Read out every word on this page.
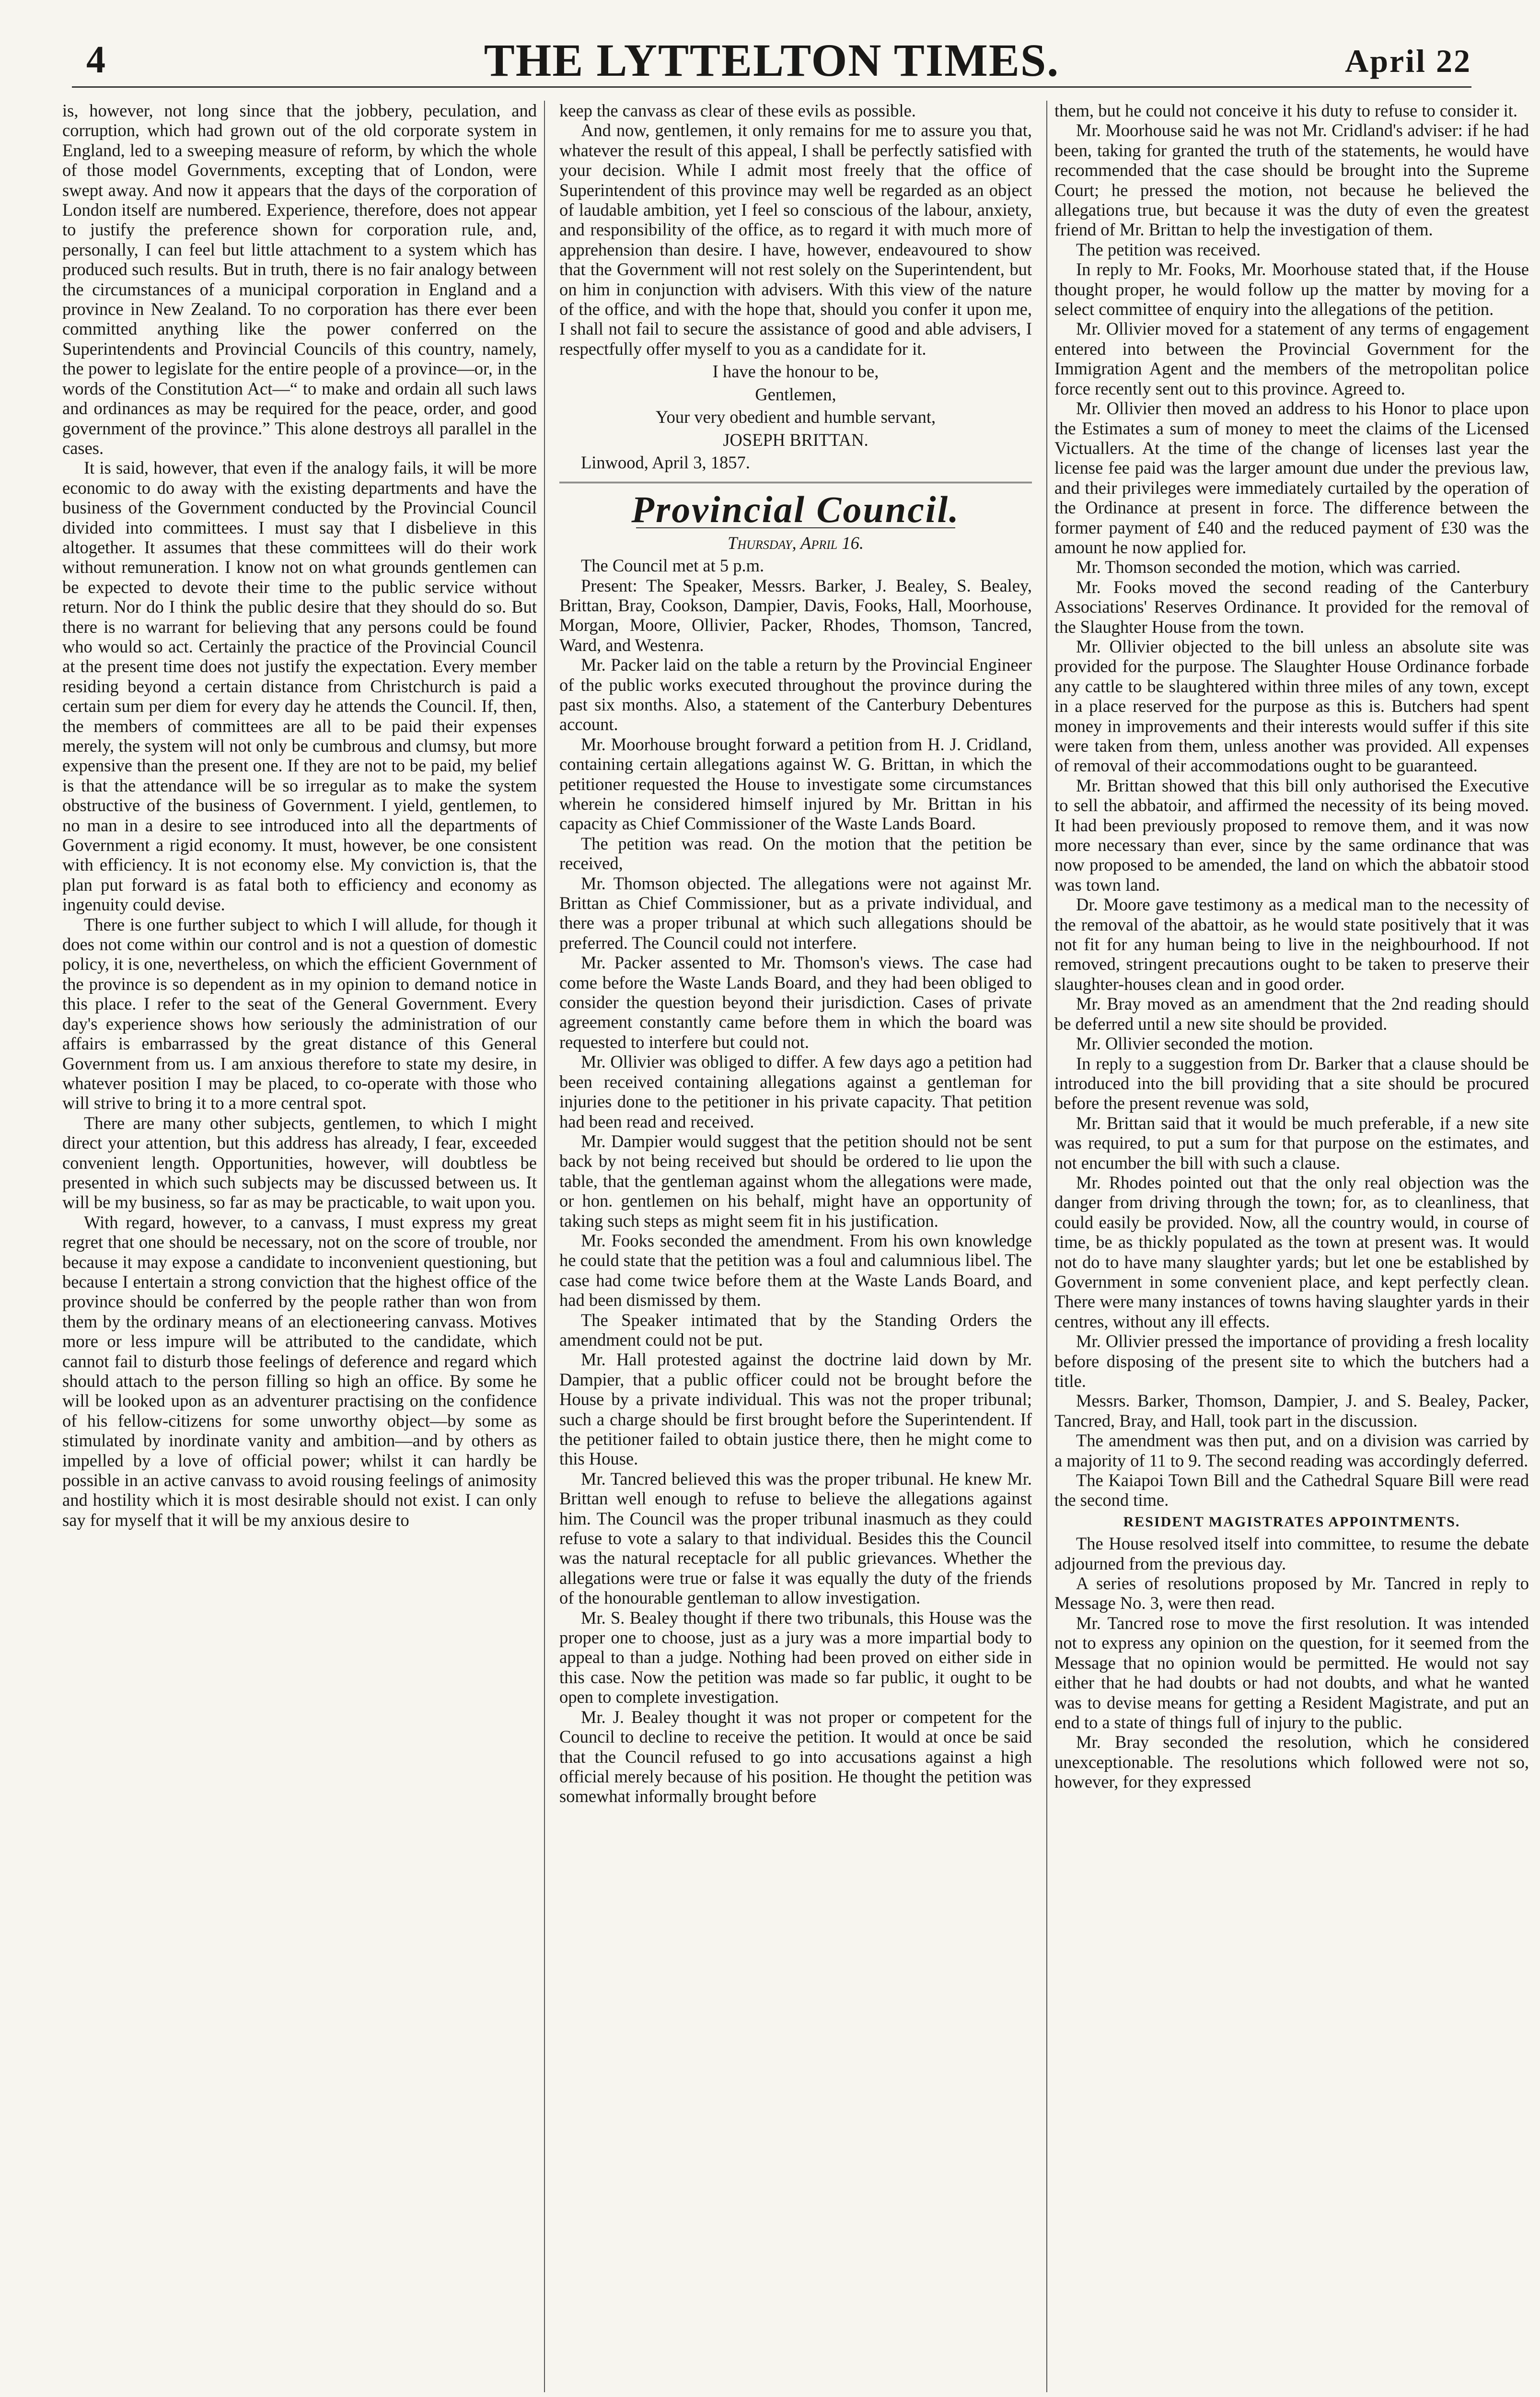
4	THE LYTTELTON TIMES.	April 22

is, however, not long since that the jobbery, peculation, and corruption, which had grown out of the old corporate system in England, led to a sweeping measure of reform, by which the whole of those model Governments, excepting that of London, were swept away. And now it appears that the days of the corporation of London itself are numbered. Experience, therefore, does not appear to justify the preference shown for corporation rule, and, personally, I can feel but little attachment to a system which has produced such results. But in truth, there is no fair analogy between the circumstances of a municipal corporation in England and a province in New Zealand. To no corporation has there ever been committed anything like the power conferred on the Superintendents and Provincial Councils of this country, namely, the power to legislate for the entire people of a province—or, in the words of the Constitution Act—“ to make and ordain all such laws and ordinances as may be required for the peace, order, and good government of the province.” This alone destroys all parallel in the cases.

It is said, however, that even if the analogy fails, it will be more economic to do away with the existing departments and have the business of the Government conducted by the Provincial Council divided into committees. I must say that I disbelieve in this altogether. It assumes that these committees will do their work without remuneration. I know not on what grounds gentlemen can be expected to devote their time to the public service without return. Nor do I think the public desire that they should do so. But there is no warrant for believing that any persons could be found who would so act. Certainly the practice of the Provincial Council at the present time does not justify the expectation. Every member residing beyond a certain distance from Christchurch is paid a certain sum per diem for every day he attends the Council. If, then, the members of committees are all to be paid their expenses merely, the system will not only be cumbrous and clumsy, but more expensive than the present one. If they are not to be paid, my belief is that the attendance will be so irregular as to make the system obstructive of the business of Government. I yield, gentlemen, to no man in a desire to see introduced into all the departments of Government a rigid economy. It must, however, be one consistent with efficiency. It is not economy else. My conviction is, that the plan put forward is as fatal both to efficiency and economy as ingenuity could devise.

There is one further subject to which I will allude, for though it does not come within our control and is not a question of domestic policy, it is one, nevertheless, on which the efficient Government of the province is so dependent as in my opinion to demand notice in this place. I refer to the seat of the General Government. Every day's experience shows how seriously the administration of our affairs is embarrassed by the great distance of this General Government from us. I am anxious therefore to state my desire, in whatever position I may be placed, to co-operate with those who will strive to bring it to a more central spot.

There are many other subjects, gentlemen, to which I might direct your attention, but this address has already, I fear, exceeded convenient length. Opportunities, however, will doubtless be presented in which such subjects may be discussed between us. It will be my business, so far as may be practicable, to wait upon you.

With regard, however, to a canvass, I must express my great regret that one should be necessary, not on the score of trouble, nor because it may expose a candidate to inconvenient questioning, but because I entertain a strong conviction that the highest office of the province should be conferred by the people rather than won from them by the ordinary means of an electioneering canvass. Motives more or less impure will be attributed to the candidate, which cannot fail to disturb those feelings of deference and regard which should attach to the person filling so high an office. By some he will be looked upon as an adventurer practising on the confidence of his fellow-citizens for some unworthy object—by some as stimulated by inordinate vanity and ambition—and by others as impelled by a love of official power; whilst it can hardly be possible in an active canvass to avoid rousing feelings of animosity and hostility which it is most desirable should not exist. I can only say for myself that it will be my anxious desire to

keep the canvass as clear of these evils as possible.

And now, gentlemen, it only remains for me to assure you that, whatever the result of this appeal, I shall be perfectly satisfied with your decision. While I admit most freely that the office of Superintendent of this province may well be regarded as an object of laudable ambition, yet I feel so conscious of the labour, anxiety, and responsibility of the office, as to regard it with much more of apprehension than desire. I have, however, endeavoured to show that the Government will not rest solely on the Superintendent, but on him in conjunction with advisers. With this view of the nature of the office, and with the hope that, should you confer it upon me, I shall not fail to secure the assistance of good and able advisers, I respectfully offer myself to you as a candidate for it.

I have the honour to be,

Gentlemen,

Your very obedient and humble servant,

JOSEPH BRITTAN.

Linwood, April 3, 1857.

Provincial Council.

Thursday, April 16.

The Council met at 5 p.m.

Present: The Speaker, Messrs. Barker, J. Bealey, S. Bealey, Brittan, Bray, Cookson, Dampier, Davis, Fooks, Hall, Moorhouse, Morgan, Moore, Ollivier, Packer, Rhodes, Thomson, Tancred, Ward, and Westenra.

Mr. Packer laid on the table a return by the Provincial Engineer of the public works executed throughout the province during the past six months. Also, a statement of the Canterbury Debentures account.

Mr. Moorhouse brought forward a petition from H. J. Cridland, containing certain allegations against W. G. Brittan, in which the petitioner requested the House to investigate some circumstances wherein he considered himself injured by Mr. Brittan in his capacity as Chief Commissioner of the Waste Lands Board.

The petition was read. On the motion that the petition be received,

Mr. Thomson objected. The allegations were not against Mr. Brittan as Chief Commissioner, but as a private individual, and there was a proper tribunal at which such allegations should be preferred. The Council could not interfere.

Mr. Packer assented to Mr. Thomson's views. The case had come before the Waste Lands Board, and they had been obliged to consider the question beyond their jurisdiction. Cases of private agreement constantly came before them in which the board was requested to interfere but could not.

Mr. Ollivier was obliged to differ. A few days ago a petition had been received containing allegations against a gentleman for injuries done to the petitioner in his private capacity. That petition had been read and received.

Mr. Dampier would suggest that the petition should not be sent back by not being received but should be ordered to lie upon the table, that the gentleman against whom the allegations were made, or hon. gentlemen on his behalf, might have an opportunity of taking such steps as might seem fit in his justification.

Mr. Fooks seconded the amendment. From his own knowledge he could state that the petition was a foul and calumnious libel. The case had come twice before them at the Waste Lands Board, and had been dismissed by them.

The Speaker intimated that by the Standing Orders the amendment could not be put.

Mr. Hall protested against the doctrine laid down by Mr. Dampier, that a public officer could not be brought before the House by a private individual. This was not the proper tribunal; such a charge should be first brought before the Superintendent. If the petitioner failed to obtain justice there, then he might come to this House.

Mr. Tancred believed this was the proper tribunal. He knew Mr. Brittan well enough to refuse to believe the allegations against him. The Council was the proper tribunal inasmuch as they could refuse to vote a salary to that individual. Besides this the Council was the natural receptacle for all public grievances. Whether the allegations were true or false it was equally the duty of the friends of the honourable gentleman to allow investigation.

Mr. S. Bealey thought if there two tribunals, this House was the proper one to choose, just as a jury was a more impartial body to appeal to than a judge. Nothing had been proved on either side in this case. Now the petition was made so far public, it ought to be open to complete investigation.

Mr. J. Bealey thought it was not proper or competent for the Council to decline to receive the petition. It would at once be said that the Council refused to go into accusations against a high official merely because of his position. He thought the petition was somewhat informally brought before

them, but he could not conceive it his duty to refuse to consider it.

Mr. Moorhouse said he was not Mr. Cridland's adviser: if he had been, taking for granted the truth of the statements, he would have recommended that the case should be brought into the Supreme Court; he pressed the motion, not because he believed the allegations true, but because it was the duty of even the greatest friend of Mr. Brittan to help the investigation of them.

The petition was received.

In reply to Mr. Fooks, Mr. Moorhouse stated that, if the House thought proper, he would follow up the matter by moving for a select committee of enquiry into the allegations of the petition.

Mr. Ollivier moved for a statement of any terms of engagement entered into between the Provincial Government for the Immigration Agent and the members of the metropolitan police force recently sent out to this province. Agreed to.

Mr. Ollivier then moved an address to his Honor to place upon the Estimates a sum of money to meet the claims of the Licensed Victuallers. At the time of the change of licenses last year the license fee paid was the larger amount due under the previous law, and their privileges were immediately curtailed by the operation of the Ordinance at present in force. The difference between the former payment of £40 and the reduced payment of £30 was the amount he now applied for.

Mr. Thomson seconded the motion, which was carried.

Mr. Fooks moved the second reading of the Canterbury Associations' Reserves Ordinance. It provided for the removal of the Slaughter House from the town.

Mr. Ollivier objected to the bill unless an absolute site was provided for the purpose. The Slaughter House Ordinance forbade any cattle to be slaughtered within three miles of any town, except in a place reserved for the purpose as this is. Butchers had spent money in improvements and their interests would suffer if this site were taken from them, unless another was provided. All expenses of removal of their accommodations ought to be guaranteed.

Mr. Brittan showed that this bill only authorised the Executive to sell the abbatoir, and affirmed the necessity of its being moved. It had been previously proposed to remove them, and it was now more necessary than ever, since by the same ordinance that was now proposed to be amended, the land on which the abbatoir stood was town land.

Dr. Moore gave testimony as a medical man to the necessity of the removal of the abattoir, as he would state positively that it was not fit for any human being to live in the neighbourhood. If not removed, stringent precautions ought to be taken to preserve their slaughter-houses clean and in good order.

Mr. Bray moved as an amendment that the 2nd reading should be deferred until a new site should be provided.

Mr. Ollivier seconded the motion.

In reply to a suggestion from Dr. Barker that a clause should be introduced into the bill providing that a site should be procured before the present revenue was sold,

Mr. Brittan said that it would be much preferable, if a new site was required, to put a sum for that purpose on the estimates, and not encumber the bill with such a clause.

Mr. Rhodes pointed out that the only real objection was the danger from driving through the town; for, as to cleanliness, that could easily be provided. Now, all the country would, in course of time, be as thickly populated as the town at present was. It would not do to have many slaughter yards; but let one be established by Government in some convenient place, and kept perfectly clean. There were many instances of towns having slaughter yards in their centres, without any ill effects.

Mr. Ollivier pressed the importance of providing a fresh locality before disposing of the present site to which the butchers had a title.

Messrs. Barker, Thomson, Dampier, J. and S. Bealey, Packer, Tancred, Bray, and Hall, took part in the discussion.

The amendment was then put, and on a division was carried by a majority of 11 to 9. The second reading was accordingly deferred.

The Kaiapoi Town Bill and the Cathedral Square Bill were read the second time.

RESIDENT MAGISTRATES APPOINTMENTS.

The House resolved itself into committee, to resume the debate adjourned from the previous day.

A series of resolutions proposed by Mr. Tancred in reply to Message No. 3, were then read.

Mr. Tancred rose to move the first resolution. It was intended not to express any opinion on the question, for it seemed from the Message that no opinion would be permitted. He would not say either that he had doubts or had not doubts, and what he wanted was to devise means for getting a Resident Magistrate, and put an end to a state of things full of injury to the public.

Mr. Bray seconded the resolution, which he considered unexceptionable. The resolutions which followed were not so, however, for they expressed
